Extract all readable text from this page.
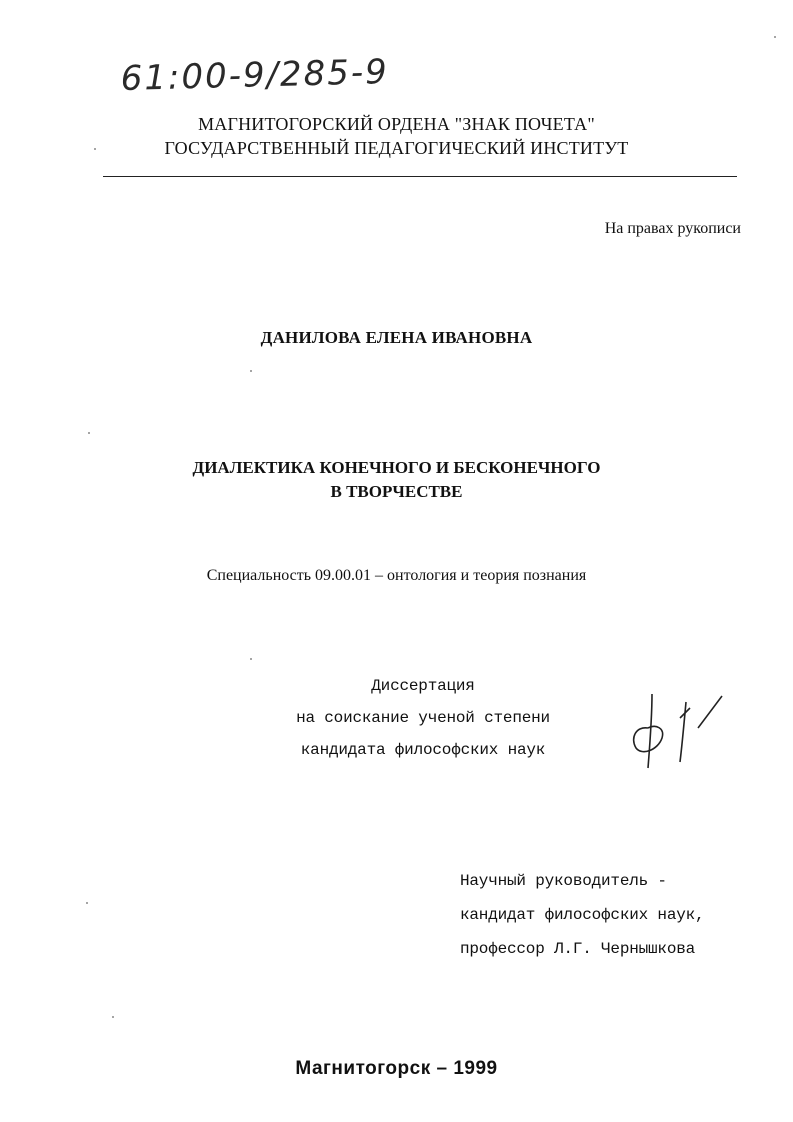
61:00-9/285-9
МАГНИТОГОРСКИЙ ОРДЕНА "ЗНАК ПОЧЕТА"
ГОСУДАРСТВЕННЫЙ ПЕДАГОГИЧЕСКИЙ ИНСТИТУТ
На правах рукописи
ДАНИЛОВА ЕЛЕНА ИВАНОВНА
ДИАЛЕКТИКА КОНЕЧНОГО И БЕСКОНЕЧНОГО
В ТВОРЧЕСТВЕ
Специальность 09.00.01 – онтология и теория познания
Диссертация
на соискание ученой степени
кандидата философских наук
Научный руководитель -
кандидат философских наук,
профессор Л.Г. Чернышкова
Магнитогорск – 1999
